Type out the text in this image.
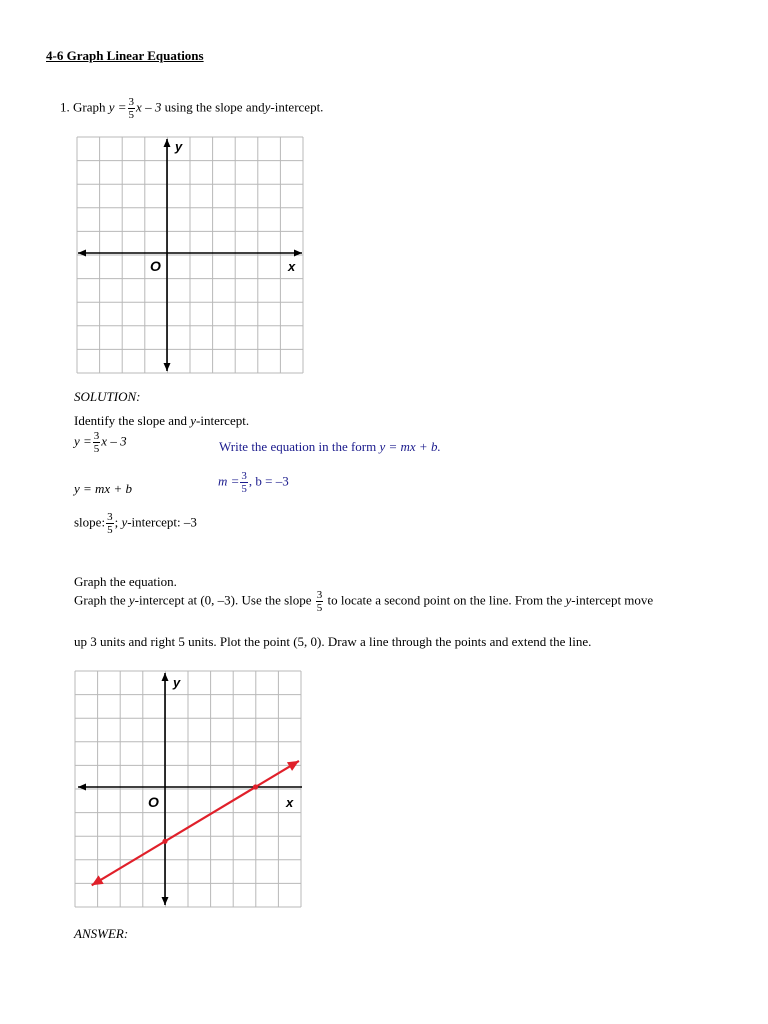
4-6 Graph Linear Equations
1. Graph $y = \frac{3}{5}$ x – 3 using the slope andy-intercept.
y
x
O
SOLUTION:
Identify the slope and y-intercept.
$y = \frac{3}{5}$ x – 3	Write the equation in the form y = mx + b.
y = mx + b
$m = \frac{3}{5}$ , b = –3
slope: $\frac{3}{5}$ ; y-intercept: –3
Graph the equation.
Graph the y-intercept at (0, –3). Use the slope $\frac{3}{5}$ to locate a second point on the line. From the y-intercept move
up 3 units and right 5 units. Plot the point (5, 0). Draw a line through the points and extend the line.
y
x
O
ANSWER:
